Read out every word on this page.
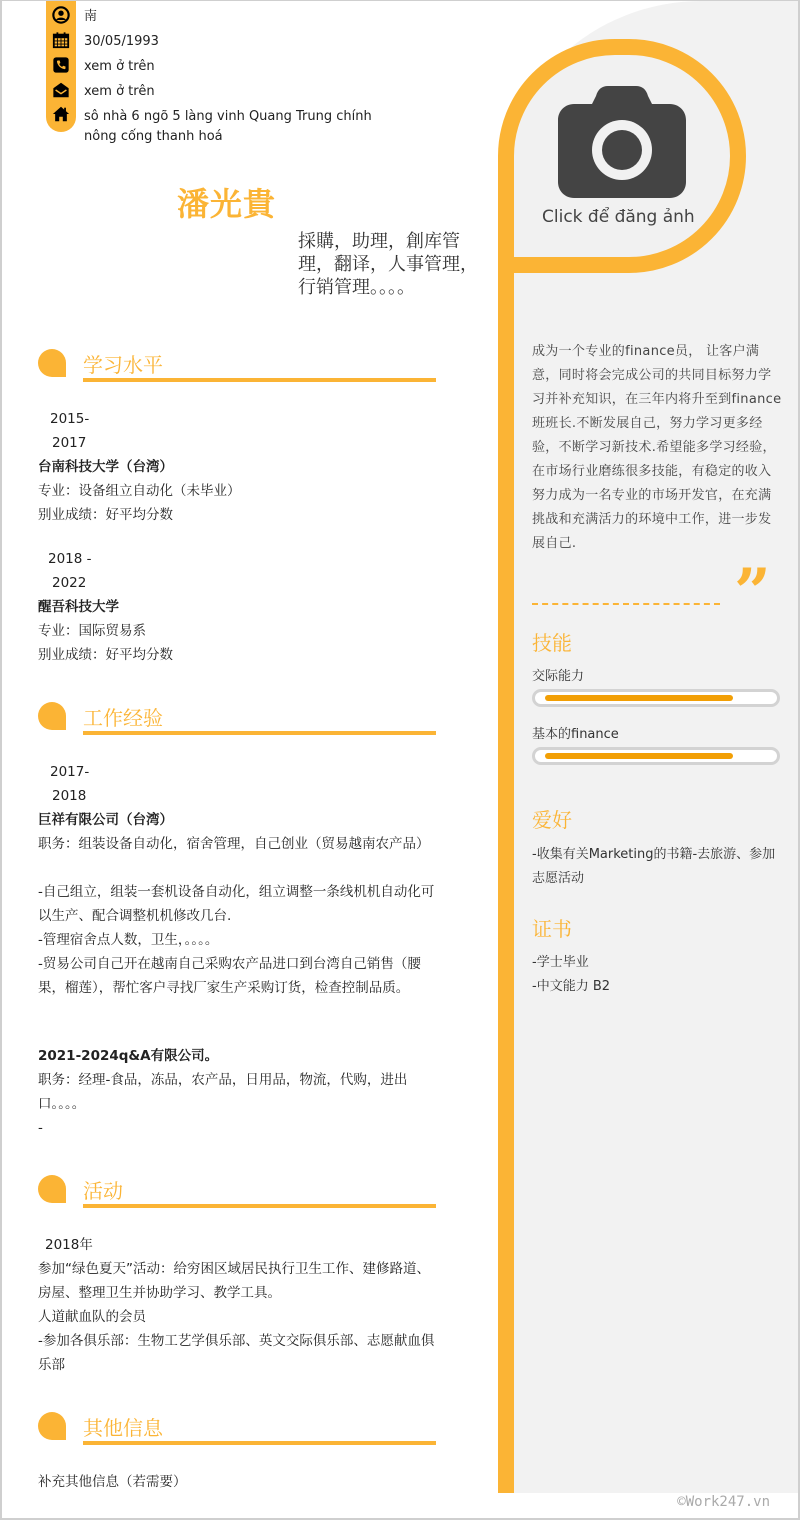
南
30/05/1993
xem ở trên
xem ở trên
sô nhà 6 ngõ 5 làng vinh Quang Trung chính
nông cống thanh hoá
潘光貴
採購，助理，創库管理，翻译，人事管理，行销管理。。。。
Click để đăng ảnh
成为一个专业的finance员， 让客户满意，同时将会完成公司的共同目标努力学习并补充知识，在三年内将升至到finance班班长.不断发展自己，努力学习更多经验，不断学习新技术.希望能多学习经验，在市场行业磨练很多技能，有稳定的收入努力成为一名专业的市场开发官，在充满挑战和充满活力的环境中工作，进一步发展自己.
”
技能
交际能力
基本的finance
爱好
-收集有关Marketing的书籍-去旅游、参加志愿活动
证书
-学士毕业
-中文能力 B2
学习水平
2015-
2017
台南科技大学（台湾）
专业：设备组立自动化（未毕业）
别业成绩：好平均分数
2018 -
2022
醒吾科技大学
专业：国际贸易系
别业成绩：好平均分数
工作经验
2017-
2018
巨祥有限公司（台湾）
职务：组装设备自动化，宿舍管理，自己创业（贸易越南农产品）
-自己组立，组装一套机设备自动化，组立调整一条线机机自动化可以生产、配合调整机机修改几台.
-管理宿舍点人数，卫生，。。。。
-贸易公司自己开在越南自己采购农产品进口到台湾自己销售（腰果，榴莲），帮忙客户寻找厂家生产采购订货，检查控制品质。
2021-2024q&A有限公司。
职务：经理-食品，冻品，农产品，日用品，物流，代购，进出口。。。。
-
活动
2018年
参加“绿色夏天”活动：给穷困区域居民执行卫生工作、建修路道、房屋、整理卫生并协助学习、教学工具。
人道献血队的会员
-参加各俱乐部：生物工艺学俱乐部、英文交际俱乐部、志愿献血俱乐部
其他信息
补充其他信息（若需要）
©Work247.vn
